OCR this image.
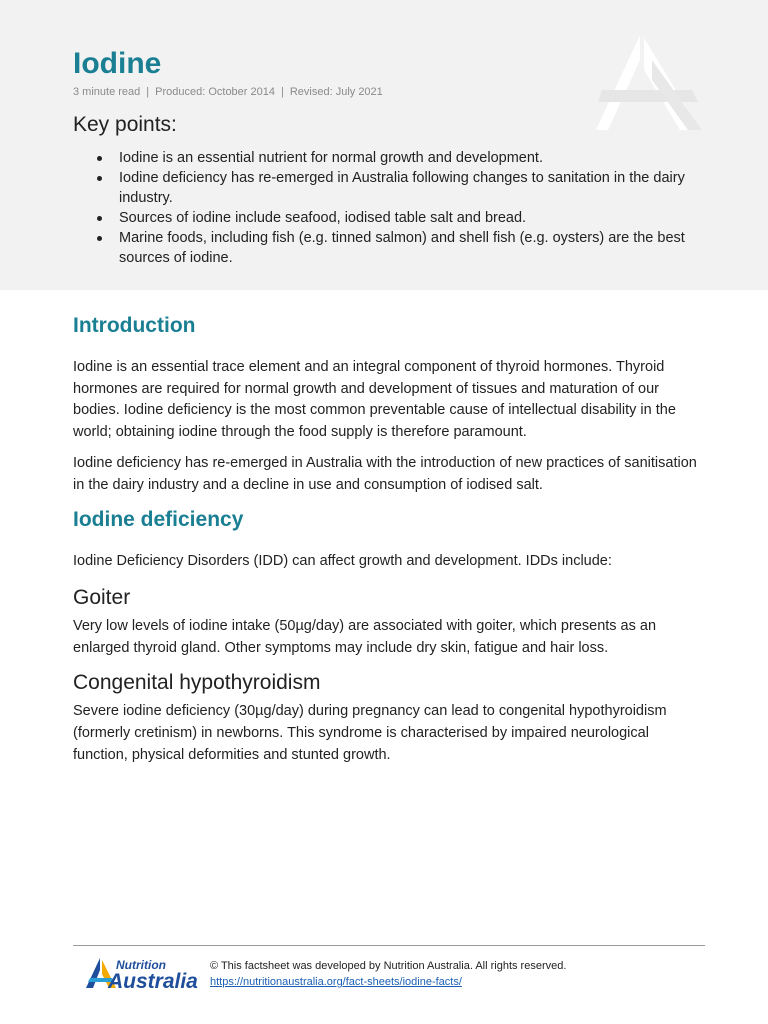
Iodine
3 minute read | Produced: October 2014 | Revised: July 2021
Key points:
Iodine is an essential nutrient for normal growth and development.
Iodine deficiency has re-emerged in Australia following changes to sanitation in the dairy industry.
Sources of iodine include seafood, iodised table salt and bread.
Marine foods, including fish (e.g. tinned salmon) and shell fish (e.g. oysters) are the best sources of iodine.
Introduction

Iodine is an essential trace element and an integral component of thyroid hormones. Thyroid hormones are required for normal growth and development of tissues and maturation of our bodies. Iodine deficiency is the most common preventable cause of intellectual disability in the world; obtaining iodine through the food supply is therefore paramount.

Iodine deficiency has re-emerged in Australia with the introduction of new practices of sanitisation in the dairy industry and a decline in use and consumption of iodised salt.

Iodine deficiency

Iodine Deficiency Disorders (IDD) can affect growth and development. IDDs include:

Goiter

Very low levels of iodine intake (50µg/day) are associated with goiter, which presents as an enlarged thyroid gland. Other symptoms may include dry skin, fatigue and hair loss.

Congenital hypothyroidism

Severe iodine deficiency (30µg/day) during pregnancy can lead to congenital hypothyroidism (formerly cretinism) in newborns. This syndrome is characterised by impaired neurological function, physical deformities and stunted growth.

Nutrition
Australia
© This factsheet was developed by Nutrition Australia. All rights reserved.
https://nutritionaustralia.org/fact-sheets/iodine-facts/
